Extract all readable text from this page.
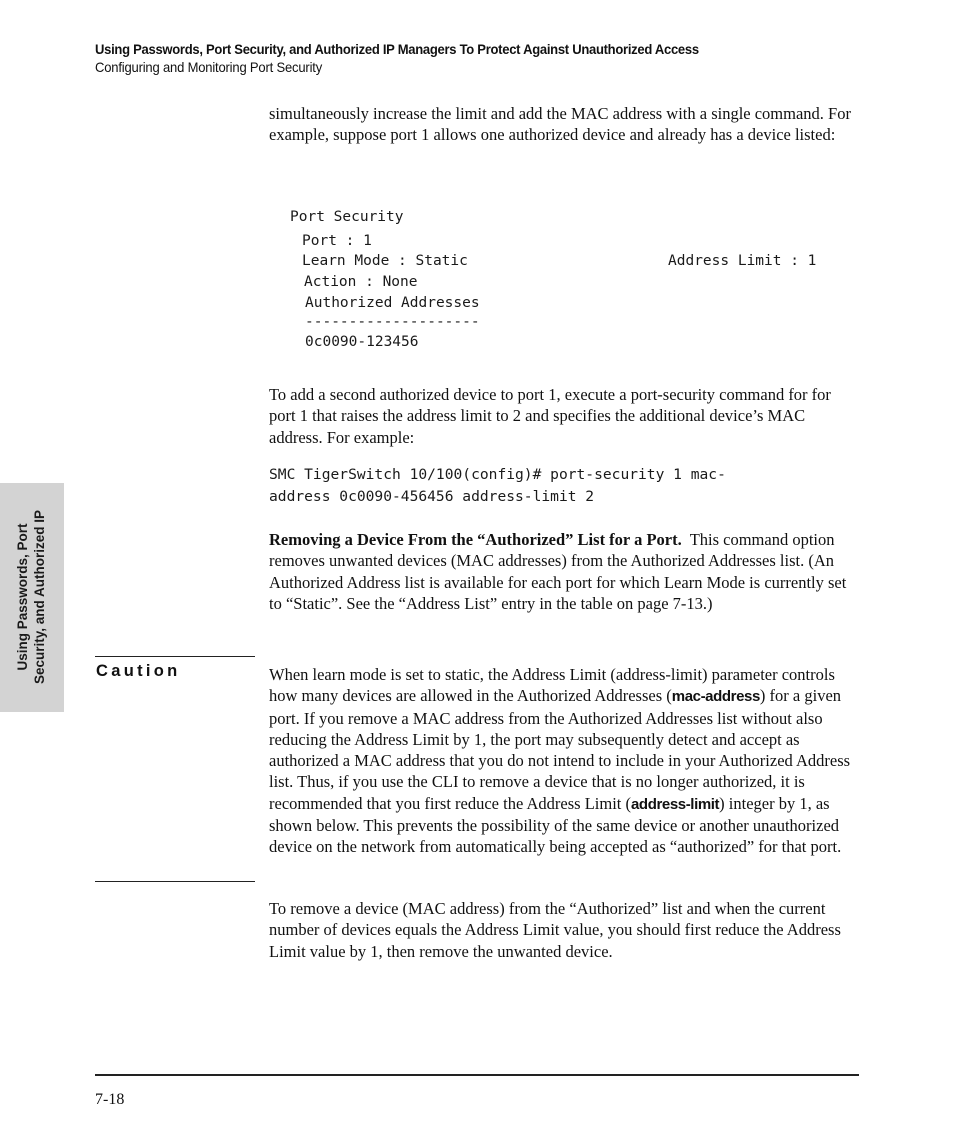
Using Passwords, Port Security, and Authorized IP Managers To Protect Against Unauthorized Access
Configuring and Monitoring Port Security

simultaneously increase the limit and add the MAC address with a single command. For example, suppose port 1 allows one authorized device and already has a device listed:

Port Security
Port : 1
Learn Mode : Static	Address Limit : 1
Action : None
Authorized Addresses
--------------------
0c0090-123456

To add a second authorized device to port 1, execute a port-security command for for port 1 that raises the address limit to 2 and specifies the additional device’s MAC address. For example:

SMC TigerSwitch 10/100(config)# port-security 1 mac-
address 0c0090-456456 address-limit 2

Removing a Device From the “Authorized” List for a Port. This command option removes unwanted devices (MAC addresses) from the Authorized Addresses list. (An Authorized Address list is available for each port for which Learn Mode is currently set to “Static”. See the “Address List” entry in the table on page 7-13.)

Using Passwords, Port Security, and Authorized IP	Caution	When learn mode is set to static, the Address Limit (address-limit) parameter controls how many devices are allowed in the Authorized Addresses (mac-address) for a given port. If you remove a MAC address from the Authorized Addresses list without also reducing the Address Limit by 1, the port may subsequently detect and accept as authorized a MAC address that you do not intend to include in your Authorized Address list. Thus, if you use the CLI to remove a device that is no longer authorized, it is recommended that you first reduce the Address Limit (address-limit) integer by 1, as shown below. This prevents the possibility of the same device or another unauthorized device on the network from automatically being accepted as “authorized” for that port.

To remove a device (MAC address) from the “Authorized” list and when the current number of devices equals the Address Limit value, you should first reduce the Address Limit value by 1, then remove the unwanted device.

7-18
